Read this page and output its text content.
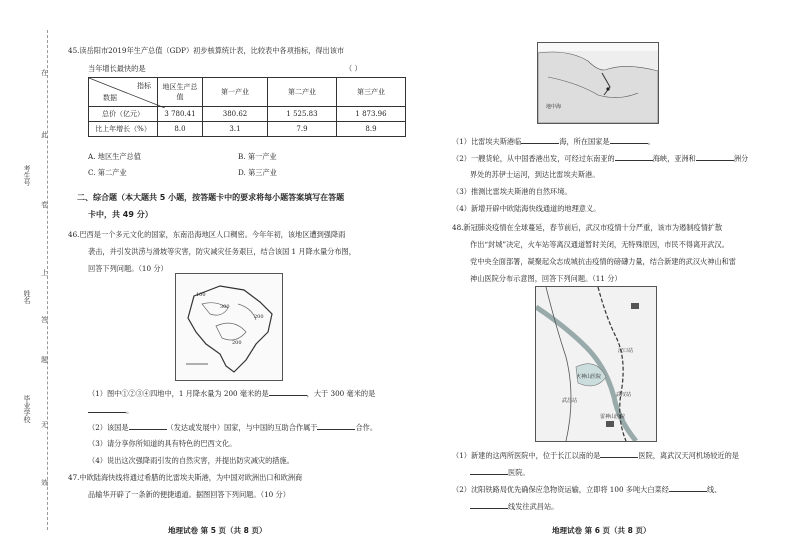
在
此
卷
上
答
题
无
效
考生号
姓名
毕业学校
45.读岳阳市2019年生产总值（GDP）初步核算统计表，比较表中各项指标，得出该市
当年增长最快的是	（ ）
指标
数据	地区生产总值	第一产业	第二产业	第三产业
总价（亿元）	3 780.41	380.62	1 525.83	1 873.96
比上年增长（%）	8.0	3.1	7.9	8.9
A. 地区生产总值	B. 第一产业
C. 第二产业	D. 第三产业
二、综合题（本大题共 5 小题，按答题卡中的要求将每小题答案填写在答题
卡中，共 49 分）
46.巴西是一个多元文化的国家，东南沿海地区人口稠密。今年年初，该地区遭到强降雨
袭击，并引发洪涝与滑坡等灾害，防灾减灾任务艰巨，结合该国 1 月降水量分布图，
回答下列问题。（10 分）
100
300
200
200
（1）图中①②③④四地中，1 月降水量为 200 毫米的是	，大于 300 毫米的是
。
（2）该国是	（发达或发展中）国家，与中国的互助合作属于	合作。
（3）请分享你所知道的具有特色的巴西文化。
（4）说出这次强降雨引发的自然灾害，并提出防灾减灾的措施。
47.中欧陆海快线将通过希腊的比雷埃夫斯港，为中国对欧洲出口和欧洲商
品输华开辟了一条新的便捷通道。据图回答下列问题。（10 分）
地理试卷 第 5 页（共 8 页）
地中海
（1）比雷埃夫斯港临	海，所在国家是	。
（2）一艘货轮，从中国香港出发，可经过东南亚的	海峡，亚洲和	洲分
界处的苏伊士运河，到达比雷埃夫斯港。
（3）推测比雷埃夫斯港的自然环境。
（4）新增开辟中欧陆海快线通道的地理意义。
48.新冠肺炎疫情在全球蔓延，春节前后，武汉市疫情十分严重，该市为遏制疫情扩散
作出“封城”决定，火车站等离汉通道暂时关闭，无特殊原因，市民不得离开武汉。
党中央全面部署，凝聚起众志成城抗击疫情的磅礴力量，结合新建的武汉火神山和雷
神山医院分布示意图，回答下列问题。（11 分）
火神山医院
雷神山医院
汉口站
武汉站
武昌站
（1）新建的这两所医院中，位于长江以南的是	医院，离武汉天河机场较近的是
医院。
（2）沈阳铁路局优先确保应急物资运输，立即将 100 多吨大白菜经	线、
线发往武昌站。
地理试卷 第 6 页（共 8 页）
